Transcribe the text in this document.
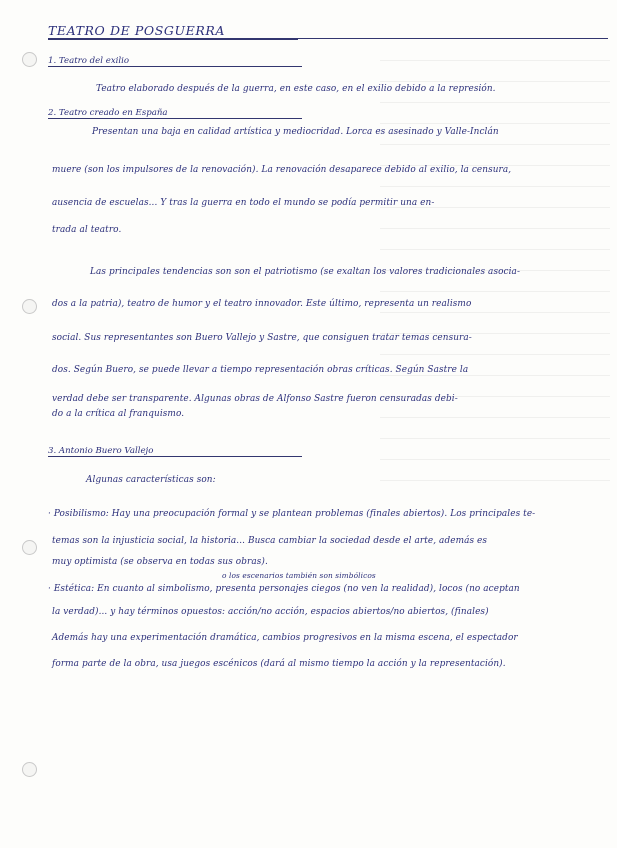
TEATRO DE POSGUERRA
1. Teatro del exilio
Teatro elaborado después de la guerra, en este caso, en el exilio debido a la represión.
2. Teatro creado en España
Presentan una baja en calidad artística y mediocridad. Lorca es asesinado y Valle-Inclán
muere (son los impulsores de la renovación). La renovación desaparece debido al exilio, la censura,
ausencia de escuelas... Y tras la guerra en todo el mundo se podía permitir una en-
trada al teatro.
Las principales tendencias son son el patriotismo (se exaltan los valores tradicionales asocia-
dos a la patria), teatro de humor y el teatro innovador. Este último, representa un realismo
social. Sus representantes son Buero Vallejo y Sastre, que consiguen tratar temas censura-
dos. Según Buero, se puede llevar a tiempo representación obras críticas. Según Sastre la
verdad debe ser transparente. Algunas obras de Alfonso Sastre fueron censuradas debi-
do a la crítica al franquismo.
3. Antonio Buero Vallejo
Algunas características son:
· Posibilismo: Hay una preocupación formal y se plantean problemas (finales abiertos). Los principales te-
temas son la injusticia social, la historia... Busca cambiar la sociedad desde el arte, además es
muy optimista (se observa en todas sus obras).
o los escenarios también son simbólicos
· Estética: En cuanto al simbolismo, presenta personajes ciegos (no ven la realidad), locos (no aceptan
la verdad)... y hay términos opuestos: acción/no acción, espacios abiertos/no abiertos, (finales)
Además hay una experimentación dramática, cambios progresivos en la misma escena, el espectador
forma parte de la obra, usa juegos escénicos (dará al mismo tiempo la acción y la representación).
